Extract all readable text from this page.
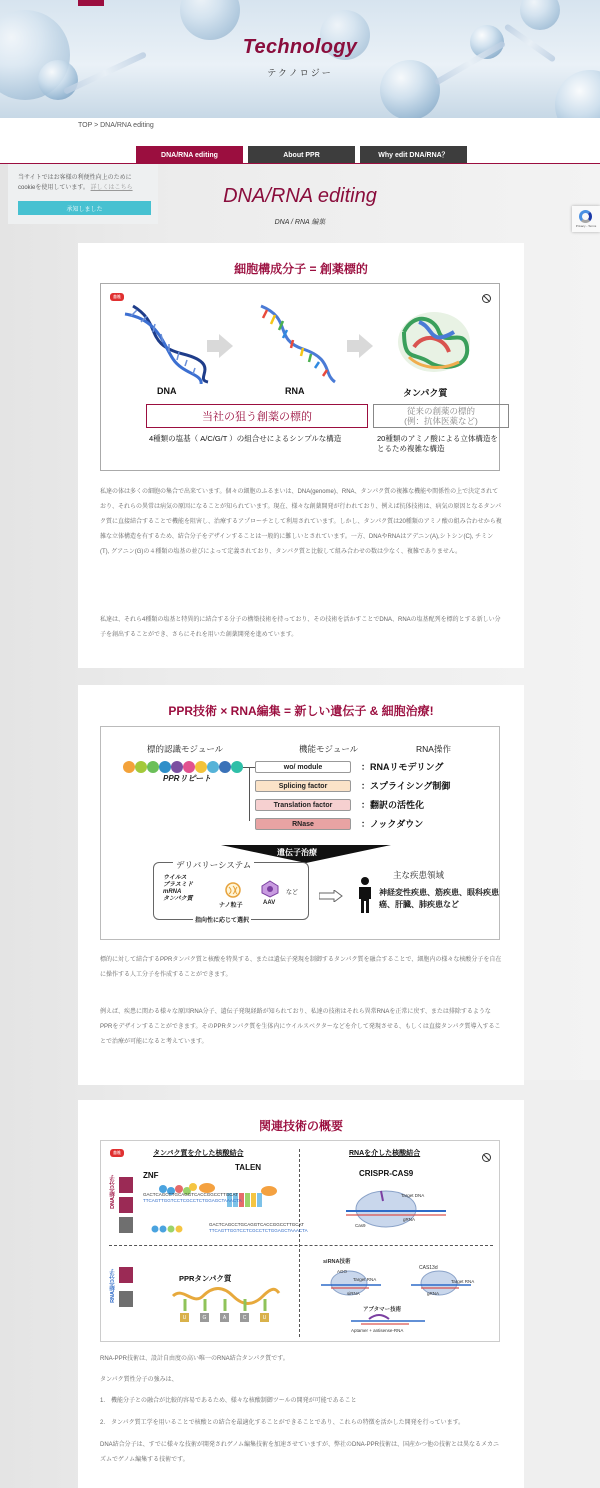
Technology
テクノロジー
TOP > DNA/RNA editing
DNA/RNA editing	About PPR	Why edit DNA/RNA？
DNA/RNA editing
DNA / RNA 編集

当サイトではお客様の利便性向上のために
cookieを使用しています。 詳しくはこちら

承知しました
Privacy - Terms
細胞構成分子 = 創薬標的
自社
DNA	RNA	タンパク質
当社の狙う創薬の標的	従来の創薬の標的
(例：抗体医薬など)
4種類の塩基（ A/C/G/T ）の組合せによるシンプルな構造	20種類のアミノ酸による立体構造を
とるため複雑な構造

私達の体は多くの細胞の集合で出来ています。個々の細胞のふるまいは、DNA(genome)、RNA、タンパク質の複雑な機能や関係性の上で決定されており、それらの異常は病気の原因になることが知られています。現在、様々な創薬開発が行われており、例えば抗体技術は、病気の原因となるタンパク質に直接結合することで機能を阻害し、治療するアプローチとして利用されています。しかし、タンパク質は20種類のアミノ酸の組み合わせから複雑な立体構造を有するため、結合分子をデザインすることは一般的に難しいとされています。一方、DNAやRNAはアデニン(A),シトシン(C), チミン(T), グアニン(G)の４種類の塩基の並びによって定義されており、タンパク質と比較して組み合わせの数は少なく、複雑でありません。

私達は、それら4種類の塩基と特異的に結合する分子の構築技術を持っており、その技術を活かすことでDNA、RNAの塩基配列を標的とする新しい分子を創出することができ、さらにそれを用いた創薬開発を進めています。

PPR技術 × RNA編集 = 新しい遺伝子 & 細胞治療!
標的認識モジュール	機能モジュール	RNA操作
PPRリピート
wo/ module
Splicing factor
Translation factor
RNase
：RNAリモデリング
：スプライシング制御
：翻訳の活性化
：ノックダウン
遺伝子治療
デリバリーシステム
ウイルス
プラスミド
mRNA
タンパク質
ナノ粒子	AAV
など
指向性に応じて選択
主な疾患領域
神経変性疾患、筋疾患、眼科疾患
癌、肝臓、肺疾患など

標的に対して結合するPPRタンパク質と核酸を特異する、または遺伝子発現を制御するタンパク質を融合することで、細胞内の様々な核酸分子を自在に操作する人工分子を作成することができます。

例えば、疾患に関わる様々な原因RNA分子、遺伝子発現経路が知られており、私達の技術はそれら異常RNAを正常に戻す、または排除するようなPPRをデザインすることができます。そのPPRタンパク質を生体内にウイルスベクターなどを介して発現させる、もしくは直接タンパク質導入することで治療が可能になると考えています。

関連技術の概要
自社	タンパク質を介した核酸結合	RNAを介した核酸結合
DNA結合分子
RNA結合分子
ZNF
TALEN
GACTCAGCCTGCAGGTCACCGGCCTTGCAT
TTCAGTTGGTCCTCGCCTCTGGAGCTAAACTA
GACTCAGCCTGCAGGTCACCGGCCTTGCAT
TTCAGTTGGTCCTCGCCTCTGGAGCTAAACTA
CRISPR-CAS9
Target DNA
gRNA
Cas9
PPRタンパク質
U	G	A	C	U
siRNA技術
CAS13d
AGO
Target RNA	Target RNA
siRNA	gRNA
アプタマー技術
Aptamer + antisense-RNA

RNA-PPR技術は、設計自由度の高い唯一のRNA結合タンパク質です。

タンパク質性分子の強みは、

1.　機能分子との融合が比較的容易であるため、様々な核酸制御ツールの開発が可能であること

2.　タンパク質工学を用いることで核酸との結合を最適化することができることであり、これらの特徴を活かした開発を行っています。

DNA結合分子は、すでに様々な技術が開発されゲノム編集技術を加速させていますが、弊社のDNA-PPR技術は、国産かつ他の技術とは異なるメカニズムでゲノム編集する技術です。
